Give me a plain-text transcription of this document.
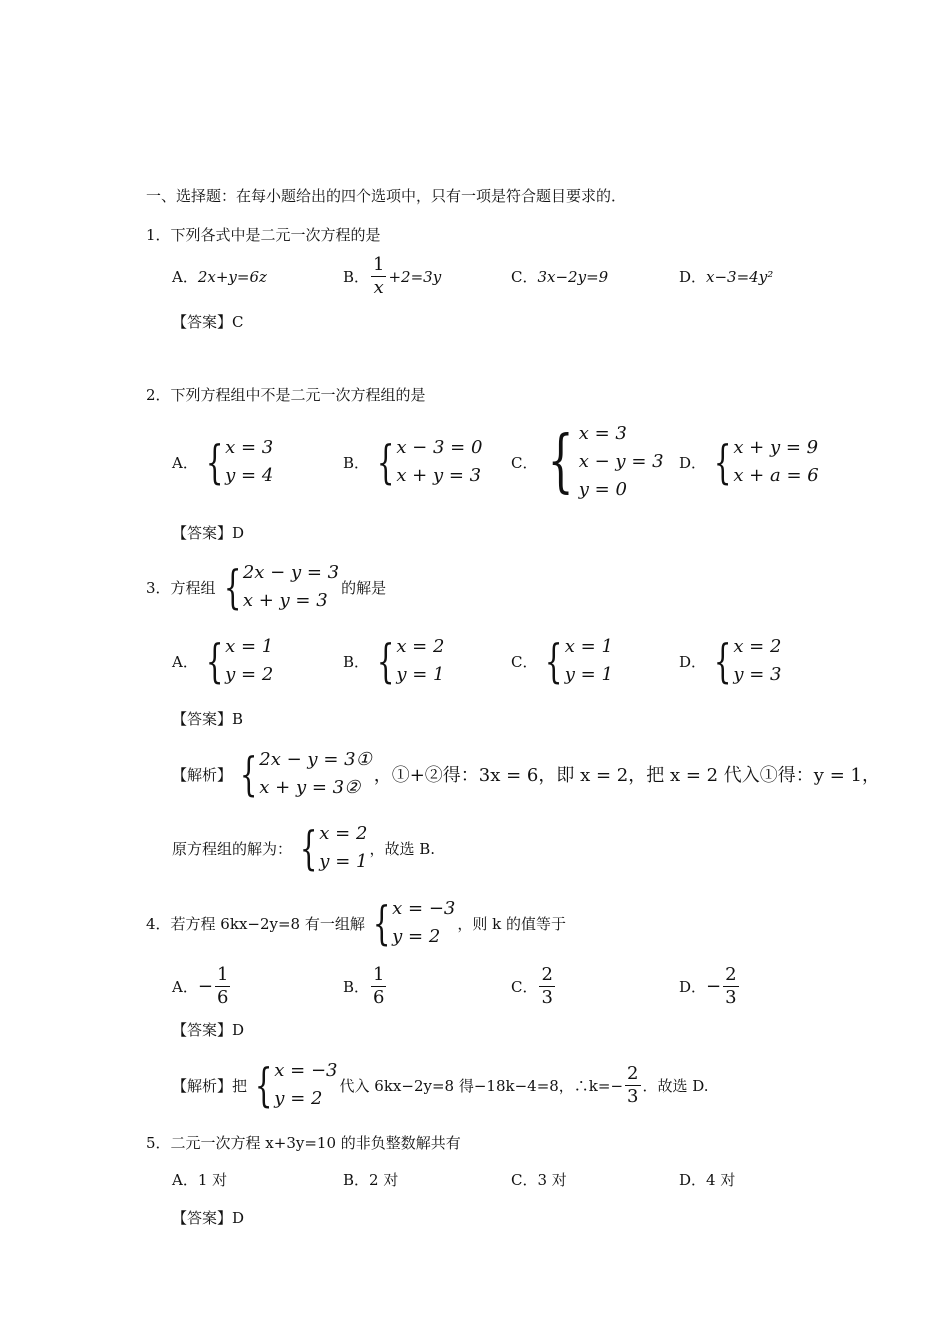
一、选择题：在每小题给出的四个选项中，只有一项是符合题目要求的．
1．下列各式中是二元一次方程的是
A． 2x+y=6z	B． $\frac{1}{x} +2=3y$	C． 3x−2y=9	D． x−3=4y²
【答案】C
2．下列方程组中不是二元一次方程组的是
A． { x = 3
y = 4
B． { x − 3 = 0
x + y = 3
C． { x = 3
x − y = 3
y = 0
D． { x + y = 9
x + a = 6
【答案】D
3．方程组 { 2x − y = 3
x + y = 3
的解是
A． { x = 1
y = 2
B． { x = 2
y = 1
C． { x = 1
y = 1
D． { x = 2
y = 3
【答案】B
【解析】 { 2x − y = 3①
x + y = 3②
，①+②得：3x = 6，即 x = 2，把 x = 2 代入①得：y = 1，
原方程组的解为： { x = 2
y = 1
，故选 B.
4．若方程 6kx−2y=8 有一组解 { x = −3
y = 2
，则 k 的值等于
A． − $\frac{1}{6}$	B． $\frac{1}{6}$	C． $\frac{2}{3}$	D． − $\frac{2}{3}$
【答案】D
【解析】把 { x = −3
y = 2
代入 6kx−2y=8 得−18k−4=8，∴k=− $\frac{2}{3}$ ．故选 D.
5．二元一次方程 x+3y=10 的非负整数解共有
A．1 对	B．2 对	C．3 对	D．4 对
【答案】D
